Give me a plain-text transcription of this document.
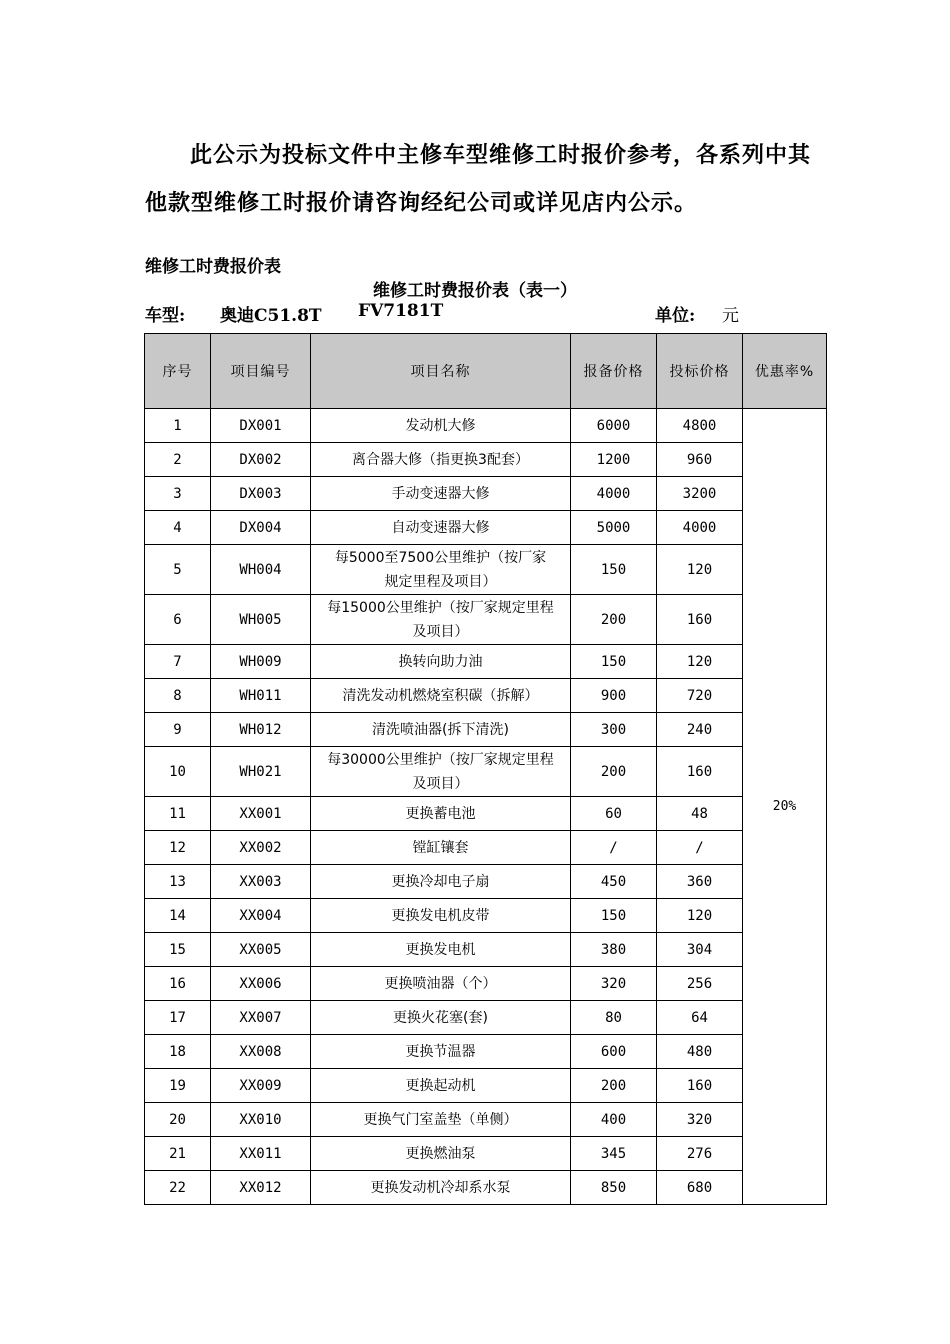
此公示为投标文件中主修车型维修工时报价参考，各系列中其
他款型维修工时报价请咨询经纪公司或详见店内公示。
维修工时费报价表
维修工时费报价表（表一）
车型: 奥迪C51.8T FV7181T	单位: 元
序号	项目编号	项目名称	报备价格	投标价格	优惠率%
1	DX001	发动机大修	6000	4800	20%
2	DX002	离合器大修（指更换3配套）	1200	960	
3	DX003	手动变速器大修	4000	3200	
4	DX004	自动变速器大修	5000	4000	
5	WH004	每5000至7500公里维护（按厂家规定里程及项目）	150	120	
6	WH005	每15000公里维护（按厂家规定里程及项目）	200	160	
7	WH009	换转向助力油	150	120	
8	WH011	清洗发动机燃烧室积碳（拆解）	900	720	
9	WH012	清洗喷油器(拆下清洗)	300	240	
10	WH021	每30000公里维护（按厂家规定里程及项目）	200	160	
11	XX001	更换蓄电池	60	48	
12	XX002	镗缸镶套	/	/	
13	XX003	更换冷却电子扇	450	360	
14	XX004	更换发电机皮带	150	120	
15	XX005	更换发电机	380	304	
16	XX006	更换喷油器（个）	320	256	
17	XX007	更换火花塞(套)	80	64	
18	XX008	更换节温器	600	480	
19	XX009	更换起动机	200	160	
20	XX010	更换气门室盖垫（单侧）	400	320	
21	XX011	更换燃油泵	345	276	
22	XX012	更换发动机冷却系水泵	850	680	
